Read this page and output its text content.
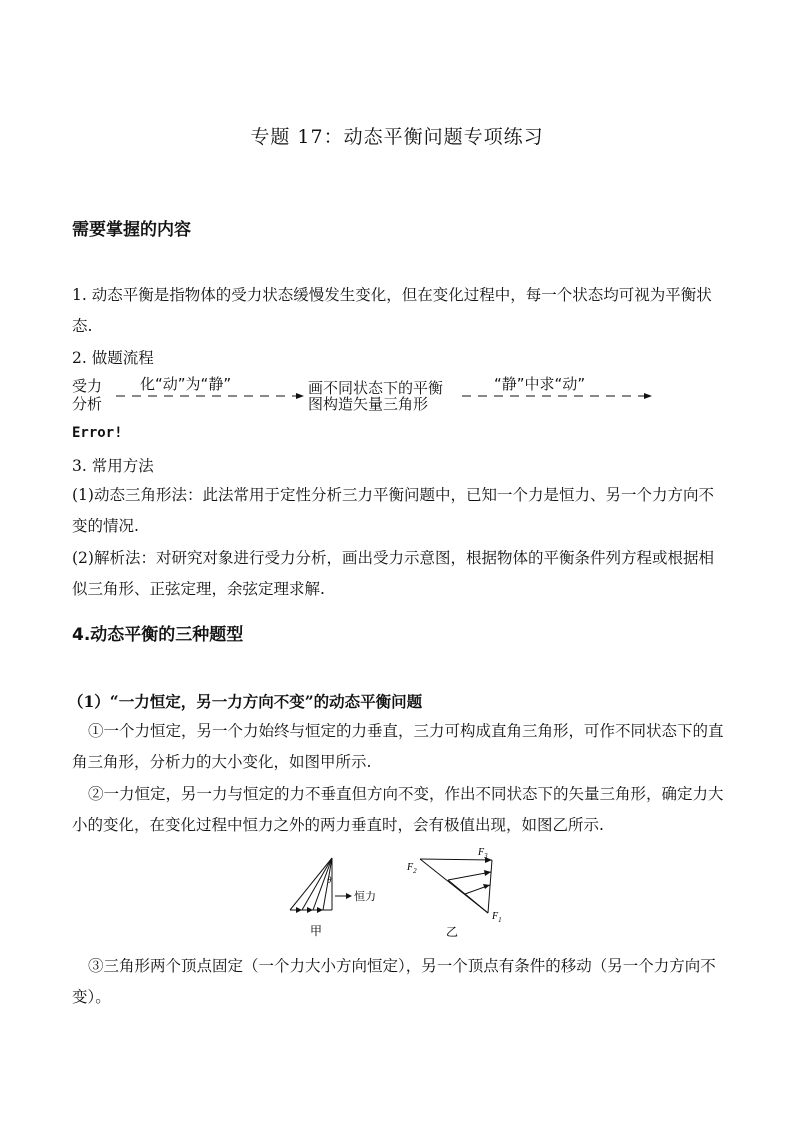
专题 17：动态平衡问题专项练习
需要掌握的内容
1. 动态平衡是指物体的受力状态缓慢发生变化，但在变化过程中，每一个状态均可视为平衡状态.
2. 做题流程
受力
分析
化“动”为“静”	画不同状态下的平衡
图构造矢量三角形
“静”中求“动”
Error!
3. 常用方法
(1)动态三角形法：此法常用于定性分析三力平衡问题中，已知一个力是恒力、另一个力方向不变的情况.
(2)解析法：对研究对象进行受力分析，画出受力示意图，根据物体的平衡条件列方程或根据相似三角形、正弦定理，余弦定理求解.
4.动态平衡的三种题型
（1）“一力恒定，另一力方向不变”的动态平衡问题
①一个力恒定，另一个力始终与恒定的力垂直，三力可构成直角三角形，可作不同状态下的直角三角形，分析力的大小变化，如图甲所示.
②一力恒定，另一力与恒定的力不垂直但方向不变，作出不同状态下的矢量三角形，确定力大小的变化，在变化过程中恒力之外的两力垂直时，会有极值出现，如图乙所示.
θ
恒力
甲
$F_2$
$F_3$
$F_1$
乙
③三角形两个顶点固定（一个力大小方向恒定），另一个顶点有条件的移动（另一个力方向不变）。
